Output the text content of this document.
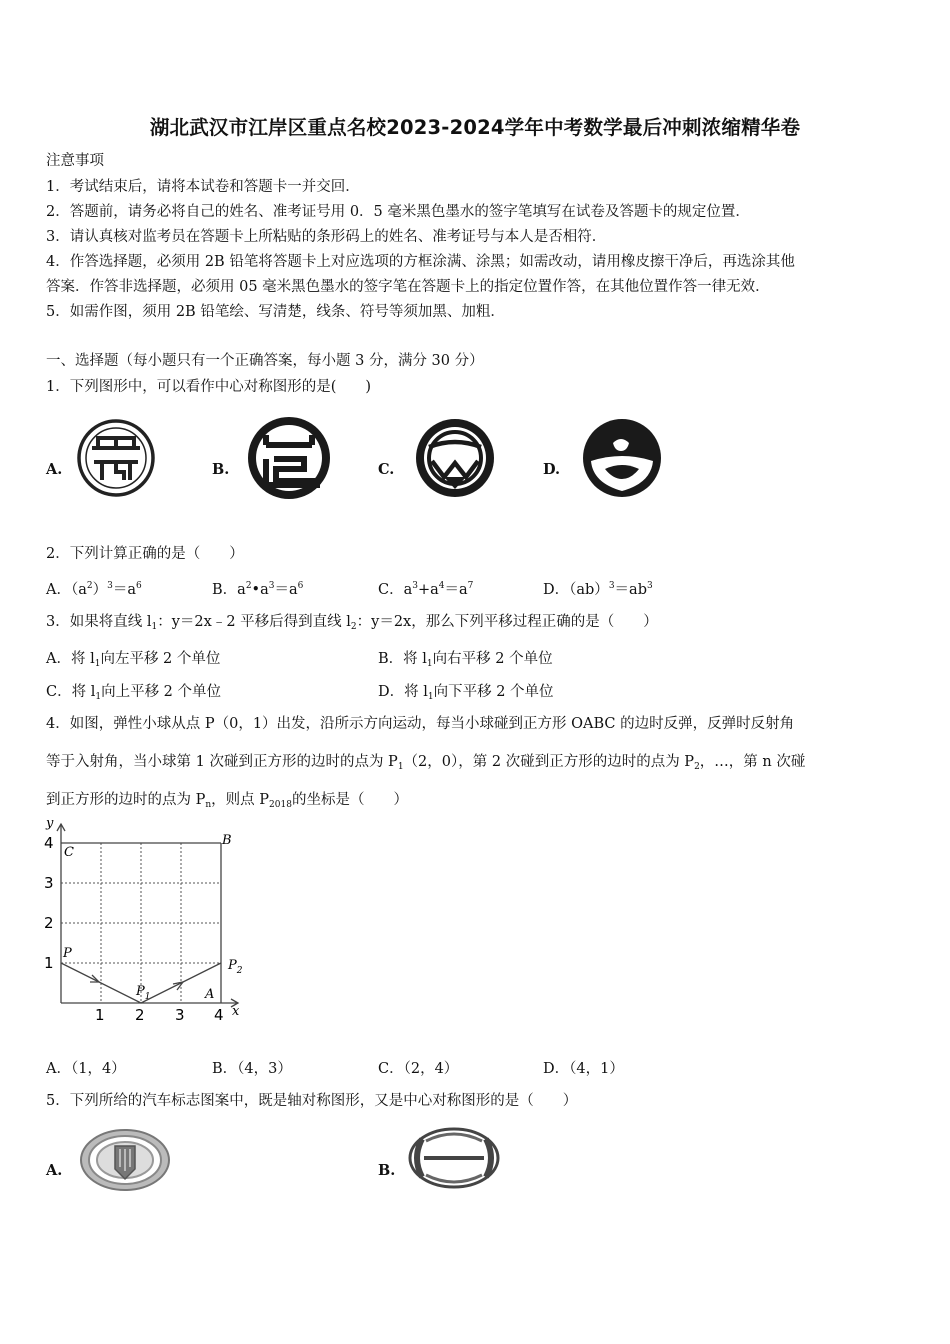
湖北武汉市江岸区重点名校2023-2024学年中考数学最后冲刺浓缩精华卷
注意事项
1．考试结束后，请将本试卷和答题卡一并交回．
2．答题前，请务必将自己的姓名、准考证号用 0．5 毫米黑色墨水的签字笔填写在试卷及答题卡的规定位置．
3．请认真核对监考员在答题卡上所粘贴的条形码上的姓名、准考证号与本人是否相符．
4．作答选择题，必须用 2B 铅笔将答题卡上对应选项的方框涂满、涂黑；如需改动，请用橡皮擦干净后，再选涂其他
答案．作答非选择题，必须用 05 毫米黑色墨水的签字笔在答题卡上的指定位置作答，在其他位置作答一律无效．
5．如需作图，须用 2B 铅笔绘、写清楚，线条、符号等须加黑、加粗．
一、选择题（每小题只有一个正确答案，每小题 3 分，满分 30 分）
1．下列图形中，可以看作中心对称图形的是(　　)
A.	B.	C.	D.
2．下列计算正确的是（　　）
A．$(a^2)^3=a^6$	B．$a^2•a^3=a^6$	C．$a^3+a^4=a^7$	D．$(ab)^3=ab^3$
3．如果将直线 $l_1$：y＝2x﹣2 平移后得到直线 $l_2$：y＝2x，那么下列平移过程正确的是（　　）
A．将 $l_1$向左平移 2 个单位	B．将 $l_1$向右平移 2 个单位
C．将 $l_1$向上平移 2 个单位	D．将 $l_1$向下平移 2 个单位
4．如图，弹性小球从点 P（0，1）出发，沿所示方向运动，每当小球碰到正方形 OABC 的边时反弹，反弹时反射角
等于入射角，当小球第 1 次碰到正方形的边时的点为 $P_1(2$，0），第 2 次碰到正方形的边时的点为 $P_2$，…，第 n 次碰
到正方形的边时的点为 $P_n$，则点 $P_{2018}$的坐标是（　　）
y
x
4
3
2
1
1 2 3 4
C
B
P
$P_1$	A
$P_2$
A．（1，4）	B．（4，3）	C．（2，4）	D．（4，1）
5．下列所给的汽车标志图案中，既是轴对称图形，又是中心对称图形的是（　　）
A.	B.
